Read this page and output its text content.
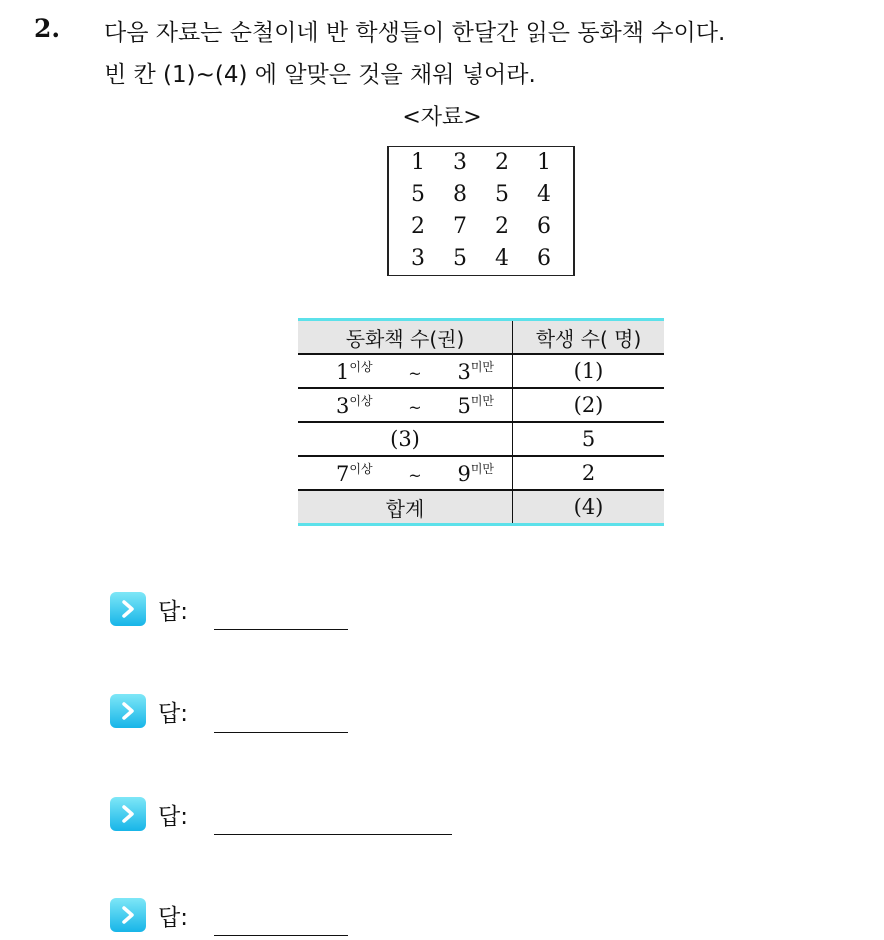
2. 다음 자료는 순철이네 반 학생들이 한달간 읽은 동화책 수이다.
빈 칸 (1)~(4) 에 알맞은 것을 채워 넣어라.
<자료>
1	3	2	1
5	8	5	4
2	7	2	6
3	5	4	6
동화책 수(권)	학생 수( 명)

$1^{이상}$ ~ $3^{미만}$	(1)

$3^{이상}$ ~ $5^{미만}$	(2)
(3)	5

$7^{이상}$ ~ $9^{미만}$	2
합계	(4)
답:
답:
답:
답:
